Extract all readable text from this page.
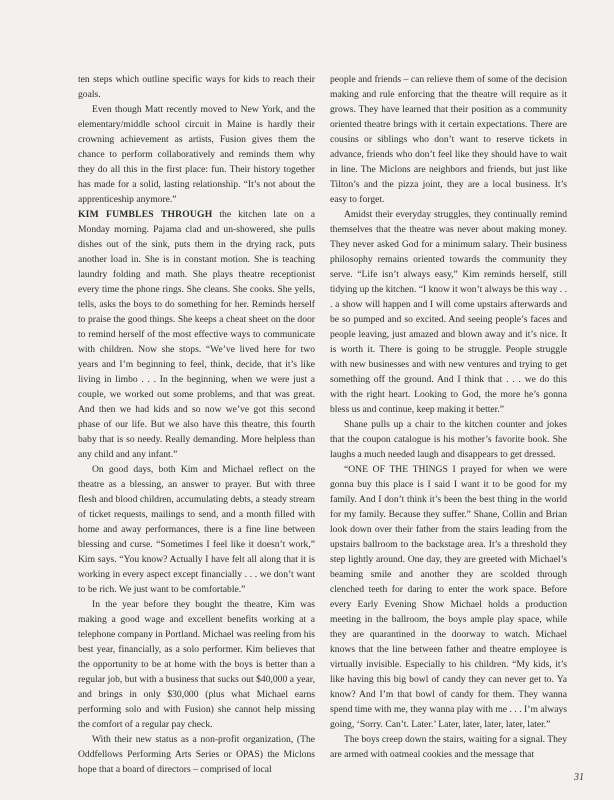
ten steps which outline specific ways for kids to reach their goals.

Even though Matt recently moved to New York, and the elementary/middle school circuit in Maine is hardly their crowning achievement as artists, Fusion gives them the chance to perform collaboratively and reminds them why they do all this in the first place: fun. Their history together has made for a solid, lasting relationship. “It’s not about the apprenticeship anymore.”

KIM FUMBLES THROUGH the kitchen late on a Monday morning. Pajama clad and un-showered, she pulls dishes out of the sink, puts them in the drying rack, puts another load in. She is in constant motion. She is teaching laundry folding and math. She plays theatre receptionist every time the phone rings. She cleans. She cooks. She yells, tells, asks the boys to do something for her. Reminds herself to praise the good things. She keeps a cheat sheet on the door to remind herself of the most effective ways to communicate with children. Now she stops. “We’ve lived here for two years and I’m beginning to feel, think, decide, that it’s like living in limbo . . . In the beginning, when we were just a couple, we worked out some problems, and that was great. And then we had kids and so now we’ve got this second phase of our life. But we also have this theatre, this fourth baby that is so needy. Really demanding. More helpless than any child and any infant.”

On good days, both Kim and Michael reflect on the theatre as a blessing, an answer to prayer. But with three flesh and blood children, accumulating debts, a steady stream of ticket requests, mailings to send, and a month filled with home and away performances, there is a fine line between blessing and curse. “Sometimes I feel like it doesn’t work,” Kim says. “You know? Actually I have felt all along that it is working in every aspect except financially . . . we don’t want to be rich. We just want to be comfortable.”

In the year before they bought the theatre, Kim was making a good wage and excellent benefits working at a telephone company in Portland. Michael was reeling from his best year, financially, as a solo performer. Kim believes that the opportunity to be at home with the boys is better than a regular job, but with a business that sucks out $40,000 a year, and brings in only $30,000 (plus what Michael earns performing solo and with Fusion) she cannot help missing the comfort of a regular pay check.

With their new status as a non-profit organization, (The Oddfellows Performing Arts Series or OPAS) the Miclons hope that a board of directors – comprised of local

people and friends – can relieve them of some of the decision making and rule enforcing that the theatre will require as it grows. They have learned that their position as a community oriented theatre brings with it certain expectations. There are cousins or siblings who don’t want to reserve tickets in advance, friends who don’t feel like they should have to wait in line. The Miclons are neighbors and friends, but just like Tilton’s and the pizza joint, they are a local business. It’s easy to forget.

Amidst their everyday struggles, they continually remind themselves that the theatre was never about making money. They never asked God for a minimum salary. Their business philosophy remains oriented towards the community they serve. “Life isn’t always easy,” Kim reminds herself, still tidying up the kitchen. “I know it won’t always be this way . . . a show will happen and I will come upstairs afterwards and be so pumped and so excited. And seeing people’s faces and people leaving, just amazed and blown away and it’s nice. It is worth it. There is going to be struggle. People struggle with new businesses and with new ventures and trying to get something off the ground. And I think that . . . we do this with the right heart. Looking to God, the more he’s gonna bless us and continue, keep making it better.”

Shane pulls up a chair to the kitchen counter and jokes that the coupon catalogue is his mother’s favorite book. She laughs a much needed laugh and disappears to get dressed.

“ONE OF THE THINGS I prayed for when we were gonna buy this place is I said I want it to be good for my family. And I don’t think it’s been the best thing in the world for my family. Because they suffer.” Shane, Collin and Brian look down over their father from the stairs leading from the upstairs ballroom to the backstage area. It’s a threshold they step lightly around. One day, they are greeted with Michael’s beaming smile and another they are scolded through clenched teeth for daring to enter the work space. Before every Early Evening Show Michael holds a production meeting in the ballroom, the boys ample play space, while they are quarantined in the doorway to watch. Michael knows that the line between father and theatre employee is virtually invisible. Especially to his children. “My kids, it’s like having this big bowl of candy they can never get to. Ya know? And I’m that bowl of candy for them. They wanna spend time with me, they wanna play with me . . . I’m always going, ‘Sorry. Can’t. Later.’ Later, later, later, later, later.”

The boys creep down the stairs, waiting for a signal. They are armed with oatmeal cookies and the message that

31
